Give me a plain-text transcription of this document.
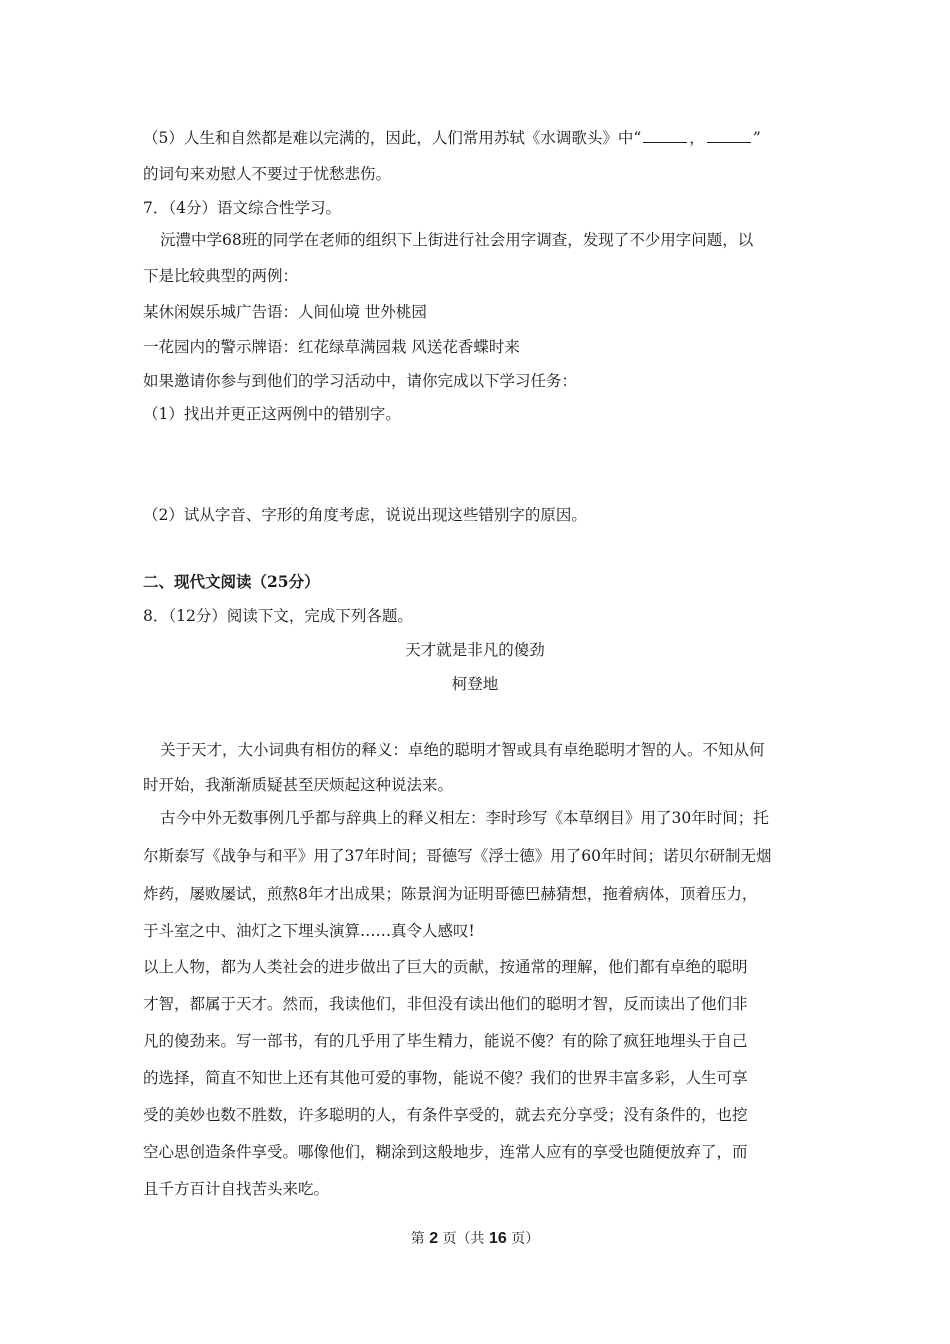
（5）人生和自然都是难以完满的，因此，人们常用苏轼《水调歌头》中“	，	”
的词句来劝慰人不要过于忧愁悲伤。
7．（4分）语文综合性学习。
沅澧中学68班的同学在老师的组织下上街进行社会用字调查，发现了不少用字问题，以
下是比较典型的两例：
某休闲娱乐城广告语：人间仙境 世外桃园
一花园内的警示牌语：红花绿草满园栽 风送花香蝶时来
如果邀请你参与到他们的学习活动中，请你完成以下学习任务：
（1）找出并更正这两例中的错别字。
（2）试从字音、字形的角度考虑，说说出现这些错别字的原因。
二、现代文阅读（25分）
8．（12分）阅读下文，完成下列各题。
天才就是非凡的傻劲
柯登地
关于天才，大小词典有相仿的释义：卓绝的聪明才智或具有卓绝聪明才智的人。不知从何
时开始，我渐渐质疑甚至厌烦起这种说法来。
古今中外无数事例几乎都与辞典上的释义相左：李时珍写《本草纲目》用了30年时间；托
尔斯泰写《战争与和平》用了37年时间；哥德写《浮士德》用了60年时间；诺贝尔研制无烟
炸药，屡败屡试，煎熬8年才出成果；陈景润为证明哥德巴赫猜想，拖着病体，顶着压力，
于斗室之中、油灯之下埋头演算……真令人感叹!
以上人物，都为人类社会的进步做出了巨大的贡献，按通常的理解，他们都有卓绝的聪明
才智，都属于天才。然而，我读他们，非但没有读出他们的聪明才智，反而读出了他们非
凡的傻劲来。写一部书，有的几乎用了毕生精力，能说不傻？有的除了疯狂地埋头于自己
的选择，简直不知世上还有其他可爱的事物，能说不傻？我们的世界丰富多彩，人生可享
受的美妙也数不胜数，许多聪明的人，有条件享受的，就去充分享受；没有条件的，也挖
空心思创造条件享受。哪像他们，糊涂到这般地步，连常人应有的享受也随便放弃了，而
且千方百计自找苦头来吃。
第 2 页（共 16 页）
